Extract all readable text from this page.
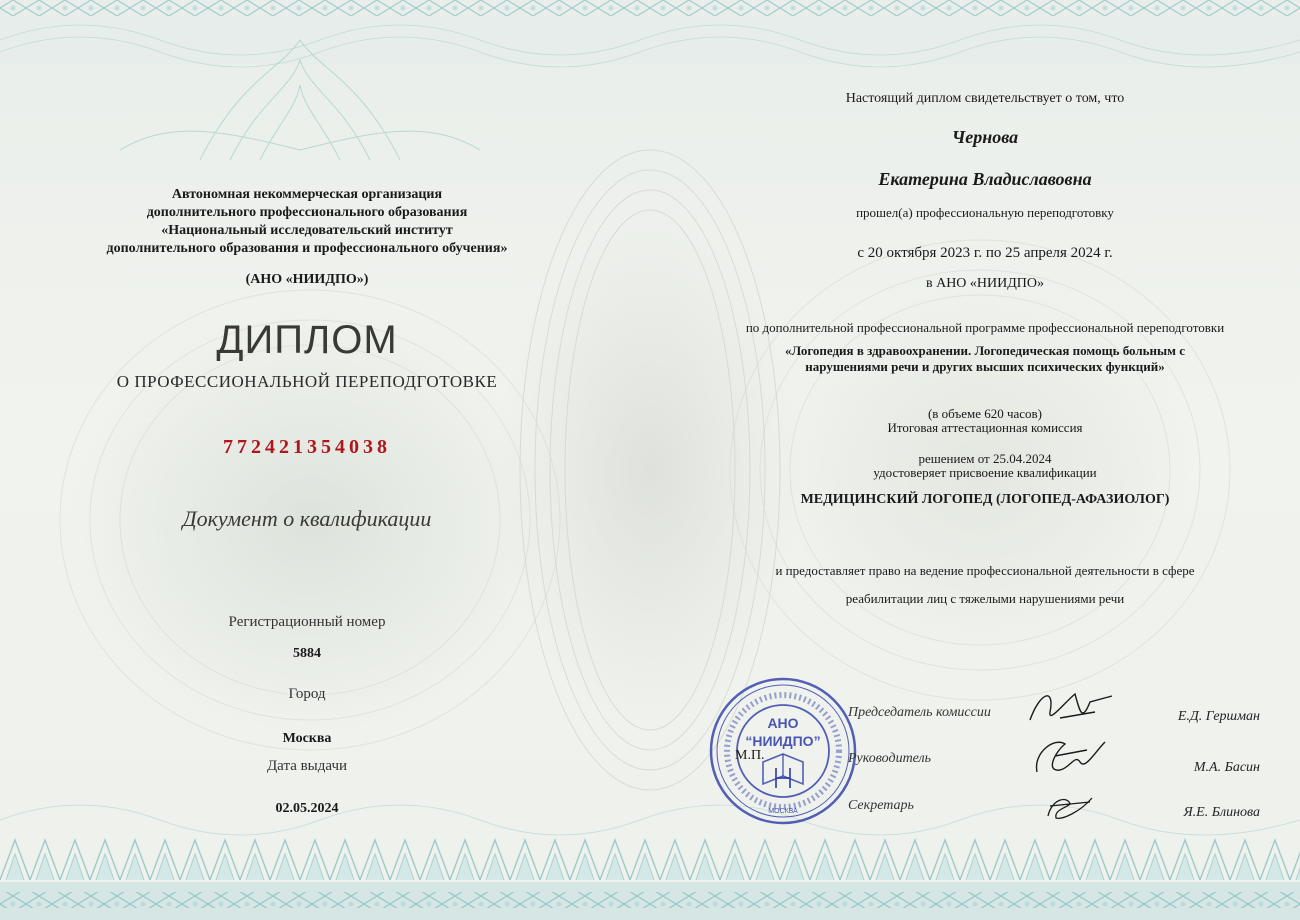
Автономная некоммерческая организация
дополнительного профессионального образования
«Национальный исследовательский институт
дополнительного образования и профессионального обучения»
(АНО «НИИДПО»)
ДИПЛОМ
О ПРОФЕССИОНАЛЬНОЙ ПЕРЕПОДГОТОВКЕ
772421354038
Документ о квалификации
Регистрационный номер
5884
Город
Москва
Дата выдачи
02.05.2024
Настоящий диплом свидетельствует о том, что
Чернова
Екатерина Владиславовна
прошел(а) профессиональную переподготовку
с 20 октября 2023 г. по 25 апреля 2024 г.
в АНО «НИИДПО»
по дополнительной профессиональной программе профессиональной переподготовки
«Логопедия в здравоохранении. Логопедическая помощь больным с
нарушениями речи и других высших психических функций»
(в объеме 620 часов)
Итоговая аттестационная комиссия
решением от 25.04.2024
удостоверяет присвоение квалификации
МЕДИЦИНСКИЙ ЛОГОПЕД (ЛОГОПЕД-АФАЗИОЛОГ)
и предоставляет право на ведение профессиональной деятельности в сфере
реабилитации лиц с тяжелыми нарушениями речи
АНО
“НИИДПО”
МОСКВА
М.П.
Председатель комиссии
Руководитель
Секретарь
Е.Д. Гершман
М.А. Басин
Я.Е. Блинова
